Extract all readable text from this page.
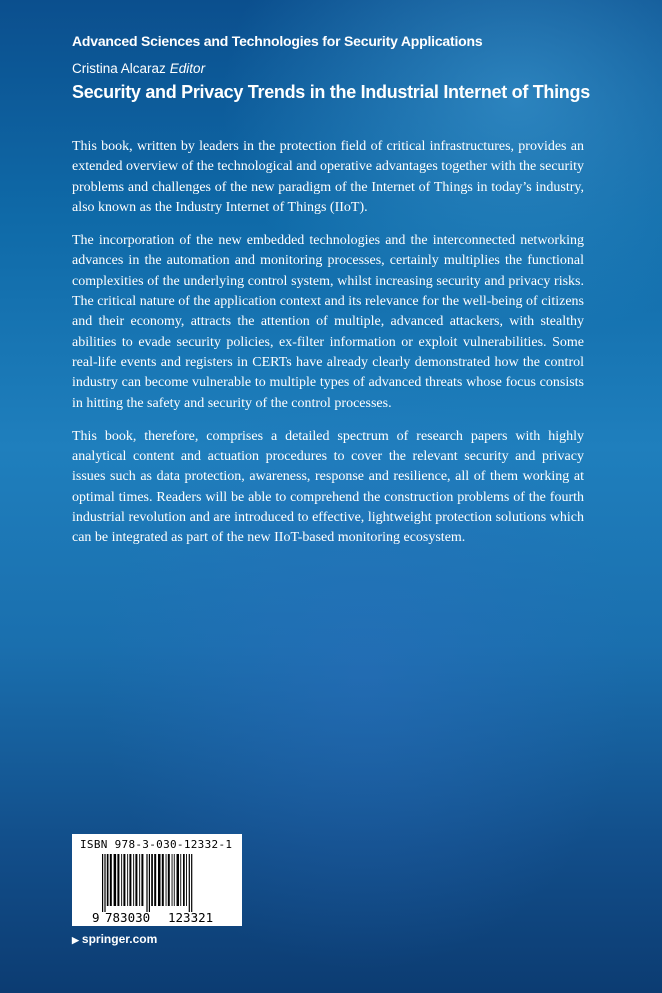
Advanced Sciences and Technologies for Security Applications
Cristina Alcaraz Editor
Security and Privacy Trends in the Industrial Internet of Things

This book, written by leaders in the protection field of critical infrastructures, provides an extended overview of the technological and operative advantages together with the security problems and challenges of the new paradigm of the Internet of Things in today’s industry, also known as the Industry Internet of Things (IIoT).

The incorporation of the new embedded technologies and the interconnected networking advances in the automation and monitoring processes, certainly multiplies the functional complexities of the underlying control system, whilst increasing security and privacy risks. The critical nature of the application context and its relevance for the well-being of citizens and their economy, attracts the attention of multiple, advanced attackers, with stealthy abilities to evade security policies, ex-filter information or exploit vulnerabilities. Some real-life events and registers in CERTs have already clearly demonstrated how the control industry can become vulnerable to multiple types of advanced threats whose focus consists in hitting the safety and security of the control processes.

This book, therefore, comprises a detailed spectrum of research papers with highly analytical content and actuation procedures to cover the relevant security and privacy issues such as data protection, awareness, response and resilience, all of them working at optimal times. Readers will be able to comprehend the construction problems of the fourth industrial revolution and are introduced to effective, lightweight protection solutions which can be integrated as part of the new IIoT-based monitoring ecosystem.

ISBN 978-3-030-12332-1
9 783030 123321
▶ springer.com
